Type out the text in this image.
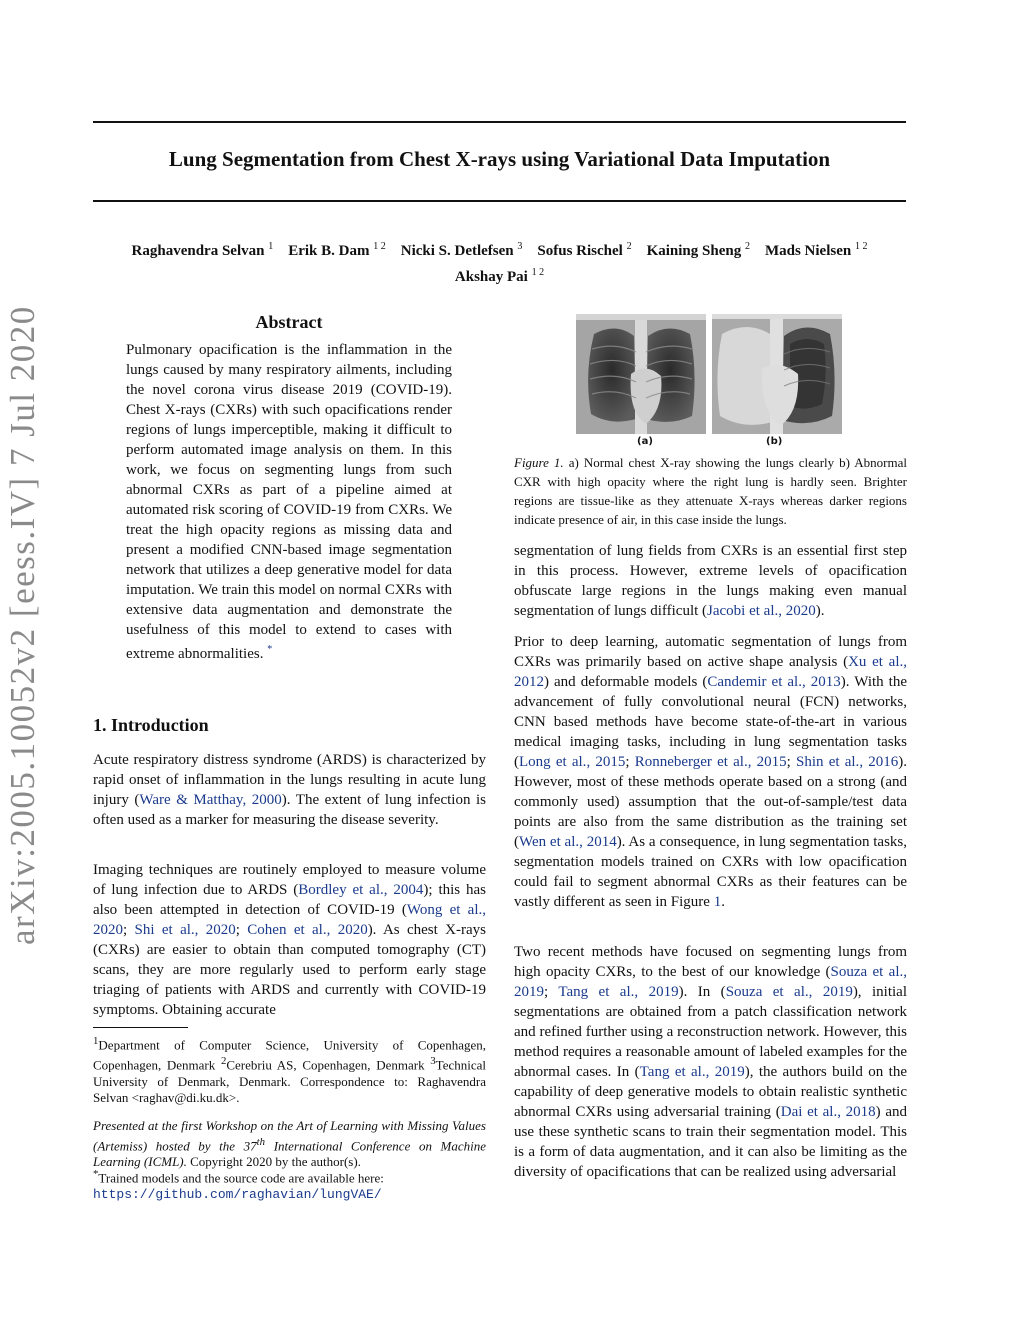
Lung Segmentation from Chest X-rays using Variational Data Imputation
Raghavendra Selvan $^1$ Erik B. Dam $^{1 2}$ Nicki S. Detlefsen $^3$ Sofus Rischel $^2$ Kaining Sheng $^2$ Mads Nielsen $^{1 2}$
Akshay Pai $^{1 2}$
arXiv:2005.10052v2 [eess.IV] 7 Jul 2020	Abstract
Pulmonary opacification is the inflammation in the lungs caused by many respiratory ailments, including the novel corona virus disease 2019 (COVID-19). Chest X-rays (CXRs) with such opacifications render regions of lungs imperceptible, making it difficult to perform automated image analysis on them. In this work, we focus on segmenting lungs from such abnormal CXRs as part of a pipeline aimed at automated risk scoring of COVID-19 from CXRs. We treat the high opacity regions as missing data and present a modified CNN-based image segmentation network that utilizes a deep generative model for data imputation. We train this model on normal CXRs with extensive data augmentation and demonstrate the usefulness of this model to extend to cases with extreme abnormalities. *
1. Introduction

Acute respiratory distress syndrome (ARDS) is characterized by rapid onset of inflammation in the lungs resulting in acute lung injury (Ware & Matthay, 2000). The extent of lung infection is often used as a marker for measuring the disease severity.

Imaging techniques are routinely employed to measure volume of lung infection due to ARDS (Bordley et al., 2004); this has also been attempted in detection of COVID-19 (Wong et al., 2020; Shi et al., 2020; Cohen et al., 2020). As chest X-rays (CXRs) are easier to obtain than computed tomography (CT) scans, they are more regularly used to perform early stage triaging of patients with ARDS and currently with COVID-19 symptoms. Obtaining accurate

$^1$Department of Computer Science, University of Copenhagen, Copenhagen, Denmark $^2$Cerebriu AS, Copenhagen, Denmark $^3$Technical University of Denmark, Denmark. Correspondence to: Raghavendra Selvan <raghav@di.ku.dk>.

Presented at the first Workshop on the Art of Learning with Missing Values (Artemiss) hosted by the 37th International Conference on Machine Learning (ICML). Copyright 2020 by the author(s).

*Trained models and the source code are available here:
https://github.com/raghavian/lungVAE/

(a)	(b)
Figure 1. a) Normal chest X-ray showing the lungs clearly b) Abnormal CXR with high opacity where the right lung is hardly seen. Brighter regions are tissue-like as they attenuate X-rays whereas darker regions indicate presence of air, in this case inside the lungs.

segmentation of lung fields from CXRs is an essential first step in this process. However, extreme levels of opacification obfuscate large regions in the lungs making even manual segmentation of lungs difficult (Jacobi et al., 2020).

Prior to deep learning, automatic segmentation of lungs from CXRs was primarily based on active shape analysis (Xu et al., 2012) and deformable models (Candemir et al., 2013). With the advancement of fully convolutional neural (FCN) networks, CNN based methods have become state-of-the-art in various medical imaging tasks, including in lung segmentation tasks (Long et al., 2015; Ronneberger et al., 2015; Shin et al., 2016). However, most of these methods operate based on a strong (and commonly used) assumption that the out-of-sample/test data points are also from the same distribution as the training set (Wen et al., 2014). As a consequence, in lung segmentation tasks, segmentation models trained on CXRs with low opacification could fail to segment abnormal CXRs as their features can be vastly different as seen in Figure 1.

Two recent methods have focused on segmenting lungs from high opacity CXRs, to the best of our knowledge (Souza et al., 2019; Tang et al., 2019). In (Souza et al., 2019), initial segmentations are obtained from a patch classification network and refined further using a reconstruction network. However, this method requires a reasonable amount of labeled examples for the abnormal cases. In (Tang et al., 2019), the authors build on the capability of deep generative models to obtain realistic synthetic abnormal CXRs using adversarial training (Dai et al., 2018) and use these synthetic scans to train their segmentation model. This is a form of data augmentation, and it can also be limiting as the diversity of opacifications that can be realized using adversarial
